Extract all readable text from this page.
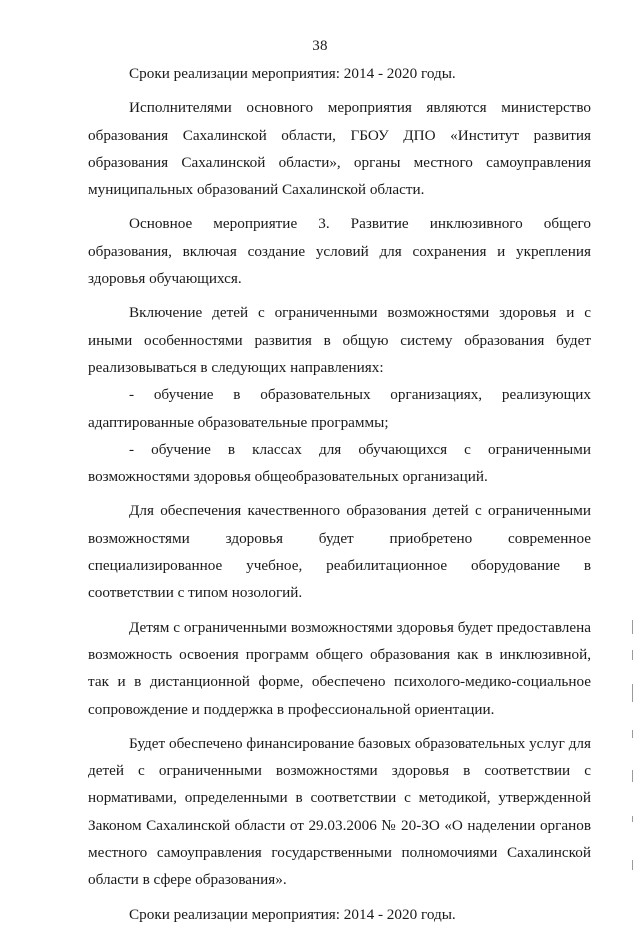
38

Сроки реализации мероприятия: 2014 - 2020 годы.

Исполнителями основного мероприятия являются министерство образования Сахалинской области, ГБОУ ДПО «Институт развития образования Сахалинской области», органы местного самоуправления муниципальных образований Сахалинской области.

Основное мероприятие 3. Развитие инклюзивного общего образования, включая создание условий для сохранения и укрепления здоровья обучающихся.

Включение детей с ограниченными возможностями здоровья и с иными особенностями развития в общую систему образования будет реализовываться в следующих направлениях:

- обучение в образовательных организациях, реализующих адаптированные образовательные программы;

- обучение в классах для обучающихся с ограниченными возможностями здоровья общеобразовательных организаций.

Для обеспечения качественного образования детей с ограниченными возможностями здоровья будет приобретено современное специализированное учебное, реабилитационное оборудование в соответствии с типом нозологий.

Детям с ограниченными возможностями здоровья будет предоставлена возможность освоения программ общего образования как в инклюзивной, так и в дистанционной форме, обеспечено психолого-медико-социальное сопровождение и поддержка в профессиональной ориентации.

Будет обеспечено финансирование базовых образовательных услуг для детей с ограниченными возможностями здоровья в соответствии с нормативами, определенными в соответствии с методикой, утвержденной Законом Сахалинской области от 29.03.2006 № 20-ЗО «О наделении органов местного самоуправления государственными полномочиями Сахалинской области в сфере образования».

Сроки реализации мероприятия: 2014 - 2020 годы.
